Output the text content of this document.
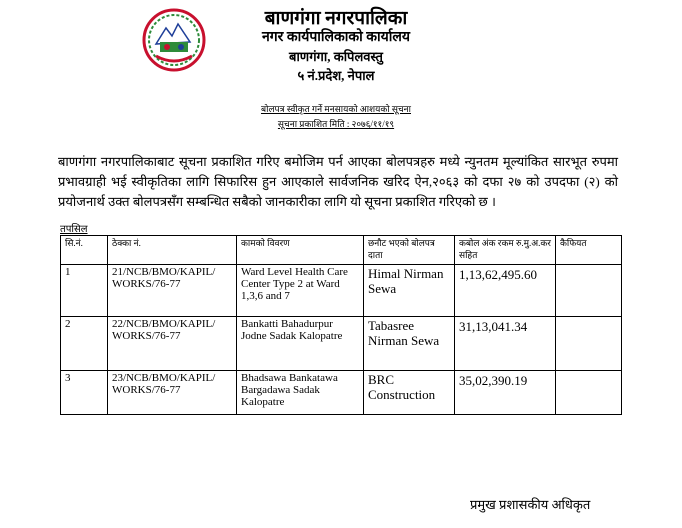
बाणगंगा नगरपालिका
नगर कार्यपालिकाको कार्यालय
बाणगंगा, कपिलवस्तु
५ नं.प्रदेश, नेपाल
बोलपत्र स्वीकृत गर्ने मनसायको आशयको सूचना
सूचना प्रकाशित मिति : २०७६/११/१९
बाणगंगा नगरपालिकाबाट सूचना प्रकाशित गरिए बमोजिम पर्न आएका बोलपत्रहरु मध्ये न्युनतम मूल्यांकित सारभूत रुपमा प्रभावग्राही भई स्वीकृतिका लागि सिफारिस हुन आएकाले सार्वजनिक खरिद ऐन,२०६३ को दफा २७ को उपदफा (२) को प्रयोजनार्थ उक्त बोलपत्रसँग सम्बन्धित सबैको जानकारीका लागि यो सूचना प्रकाशित गरिएको छ ।
तपसिल
सि.नं.	ठेक्का नं.	कामको विवरण	छनौट भएको बोलपत्र दाता	कबोल अंक रकम रु.मु.अ.कर सहित	कैफियत
1	21/NCB/BMO/KAPIL/ WORKS/76-77	Ward Level Health Care Center Type 2 at Ward 1,3,6 and 7	Himal Nirman Sewa	1,13,62,495.60	
2	22/NCB/BMO/KAPIL/ WORKS/76-77	Bankatti Bahadurpur Jodne Sadak Kalopatre	Tabasree Nirman Sewa	31,13,041.34	
3	23/NCB/BMO/KAPIL/ WORKS/76-77	Bhadsawa Bankatawa Bargadawa Sadak Kalopatre	BRC Construction	35,02,390.19	
प्रमुख प्रशासकीय अधिकृत
